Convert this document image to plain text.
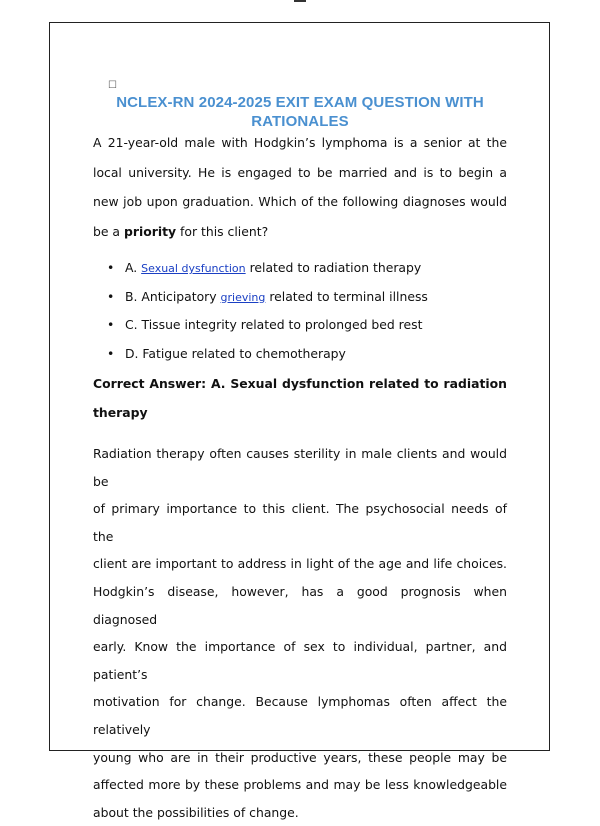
☐
NCLEX-RN 2024-2025 EXIT EXAM QUESTION WITH RATIONALES
A 21-year-old male with Hodgkin’s lymphoma is a senior at the local university. He is engaged to be married and is to begin a new job upon graduation. Which of the following diagnoses would be a priority for this client?
• A. Sexual dysfunction related to radiation therapy
• B. Anticipatory grieving related to terminal illness
• C. Tissue integrity related to prolonged bed rest
• D. Fatigue related to chemotherapy
Correct Answer: A. Sexual dysfunction related to radiation therapy
Radiation therapy often causes sterility in male clients and would be
of primary importance to this client. The psychosocial needs of the
client are important to address in light of the age and life choices.
Hodgkin’s disease, however, has a good prognosis when diagnosed
early. Know the importance of sex to individual, partner, and patient’s
motivation for change. Because lymphomas often affect the relatively
young who are in their productive years, these people may be
affected more by these problems and may be less knowledgeable
about the possibilities of change.
